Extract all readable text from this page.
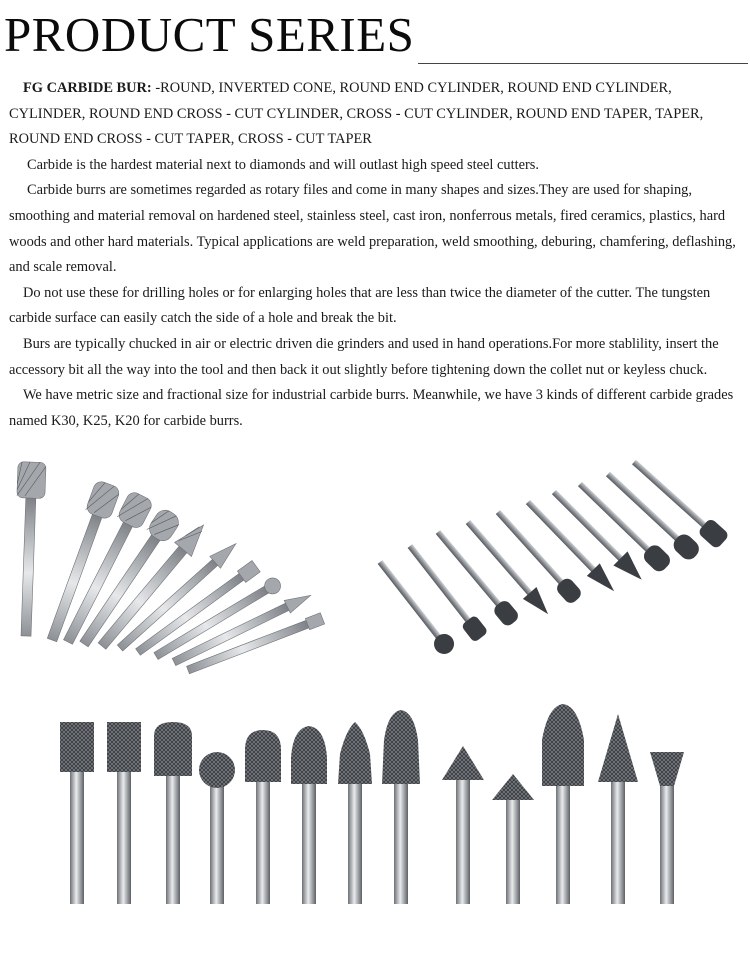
PRODUCT SERIES

FG CARBIDE BUR: -ROUND, INVERTED CONE, ROUND END CYLINDER, ROUND END CYLINDER, CYLINDER, ROUND END CROSS - CUT CYLINDER, CROSS - CUT CYLINDER, ROUND END TAPER, TAPER, ROUND END CROSS - CUT TAPER, CROSS - CUT TAPER

Carbide is the hardest material next to diamonds and will outlast high speed steel cutters.

Carbide burrs are sometimes regarded as rotary files and come in many shapes and sizes.They are used for shaping, smoothing and material removal on hardened steel, stainless steel, cast iron, nonferrous metals, fired ceramics, plastics, hard woods and other hard materials. Typical applications are weld preparation, weld smoothing, deburing, chamfering, deflashing, and scale removal.

Do not use these for drilling holes or for enlarging holes that are less than twice the diameter of the cutter. The tungsten carbide surface can easily catch the side of a hole and break the bit.

Burs are typically chucked in air or electric driven die grinders and used in hand operations.For more stablility, insert the accessory bit all the way into the tool and then back it out slightly before tightening down the collet nut or keyless chuck.

We have metric size and fractional size for industrial carbide burrs. Meanwhile, we have 3 kinds of different carbide grades named K30, K25, K20 for carbide burrs.
